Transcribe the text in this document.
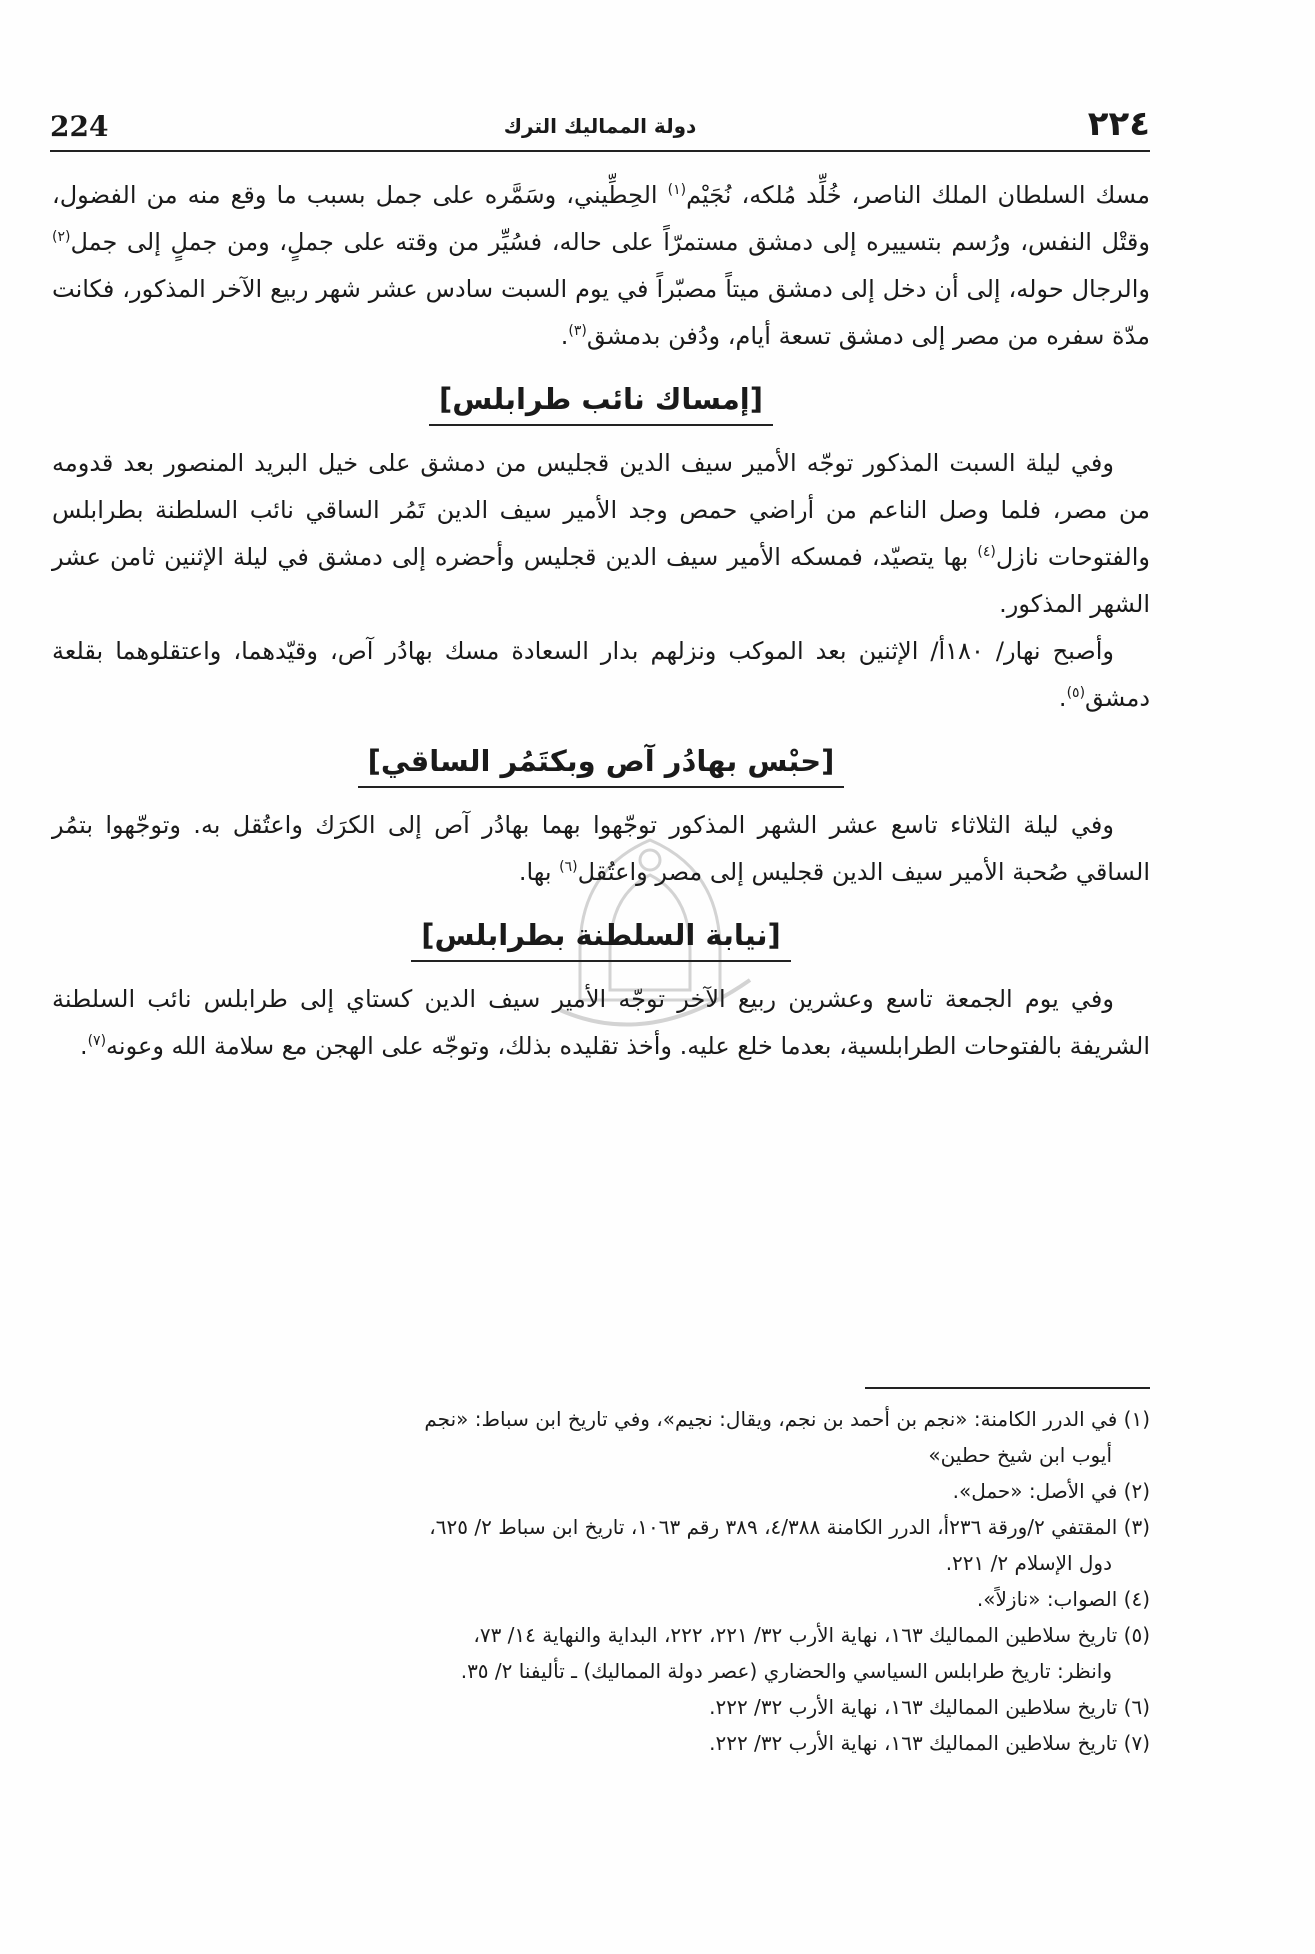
224	دولة المماليك الترك	٢٢٤

مسك السلطان الملك الناصر، خُلِّد مُلكه، نُجَيْم$^{(١)}$ الحِطِّيني، وسَمَّره على جمل بسبب ما وقع منه من الفضول، وقتْل النفس، ورُسم بتسييره إلى دمشق مستمرّاً على حاله، فسُيِّر من وقته على جملٍ، ومن جملٍ إلى جمل$^{(٢)}$ والرجال حوله، إلى أن دخل إلى دمشق ميتاً مصبّراً في يوم السبت سادس عشر شهر ربيع الآخر المذكور، فكانت مدّة سفره من مصر إلى دمشق تسعة أيام، ودُفن بدمشق$^{(٣)}$.

[إمساك نائب طرابلس]

وفي ليلة السبت المذكور توجّه الأمير سيف الدين قجليس من دمشق على خيل البريد المنصور بعد قدومه من مصر، فلما وصل الناعم من أراضي حمص وجد الأمير سيف الدين تَمُر الساقي نائب السلطنة بطرابلس والفتوحات نازل$^{(٤)}$ بها يتصيّد، فمسكه الأمير سيف الدين قجليس وأحضره إلى دمشق في ليلة الإثنين ثامن عشر الشهر المذكور.

وأصبح نهار/ ١٨٠أ/ الإثنين بعد الموكب ونزلهم بدار السعادة مسك بهادُر آص، وقيّدهما، واعتقلوهما بقلعة دمشق$^{(٥)}$.

[حبْس بهادُر آص وبكتَمُر الساقي]

وفي ليلة الثلاثاء تاسع عشر الشهر المذكور توجّهوا بهما بهادُر آص إلى الكرَك واعتُقل به. وتوجّهوا بتمُر الساقي صُحبة الأمير سيف الدين قجليس إلى مصر واعتُقل$^{(٦)}$ بها.

[نيابة السلطنة بطرابلس]

وفي يوم الجمعة تاسع وعشرين ربيع الآخر توجّه الأمير سيف الدين كستاي إلى طرابلس نائب السلطنة الشريفة بالفتوحات الطرابلسية، بعدما خلع عليه. وأخذ تقليده بذلك، وتوجّه على الهجن مع سلامة الله وعونه$^{(٧)}$.

(١) في الدرر الكامنة: «نجم بن أحمد بن نجم، ويقال: نجيم»، وفي تاريخ ابن سباط: «نجم

أيوب ابن شيخ حطين»

(٢) في الأصل: «حمل».

(٣) المقتفي ٢/ورقة ٢٣٦أ، الدرر الكامنة ٤/٣٨٨، ٣٨٩ رقم ١٠٦٣، تاريخ ابن سباط ٢/ ٦٢٥،

دول الإسلام ٢/ ٢٢١.

(٤) الصواب: «نازلاً».

(٥) تاريخ سلاطين المماليك ١٦٣، نهاية الأرب ٣٢/ ٢٢١، ٢٢٢، البداية والنهاية ١٤/ ٧٣،

وانظر: تاريخ طرابلس السياسي والحضاري (عصر دولة المماليك) ـ تأليفنا ٢/ ٣٥.

(٦) تاريخ سلاطين المماليك ١٦٣، نهاية الأرب ٣٢/ ٢٢٢.

(٧) تاريخ سلاطين المماليك ١٦٣، نهاية الأرب ٣٢/ ٢٢٢.
